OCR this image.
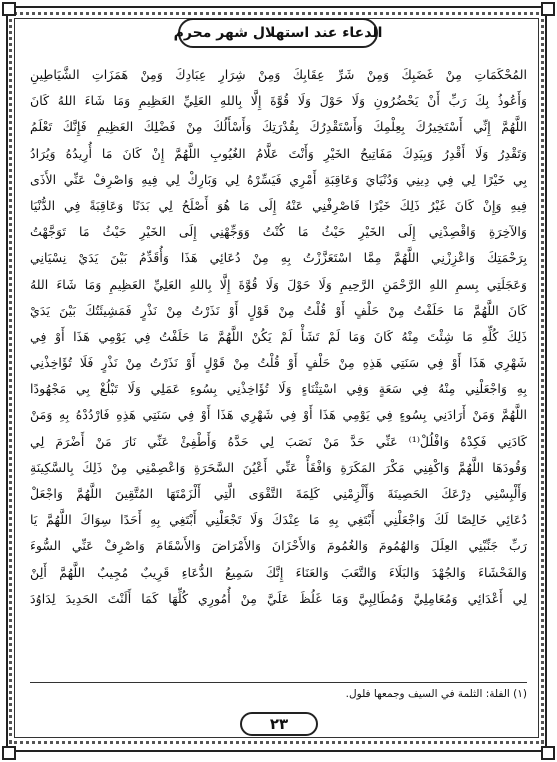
الدعاء عند استهلال شهر محرم
المُحْكَمَاتِ مِنْ غَضَبِكَ وَمِنْ شَرِّ عِقَابِكَ وَمِنْ شِرَارِ عِبَادِكَ وَمِنْ هَمَزَاتِ الشَّيَاطِينِ
وَأَعُوذُ بِكَ رَبِّ أَنْ يَحْضُرُونِ وَلَا حَوْلَ وَلَا قُوَّةَ إِلَّا بِاللهِ العَلِيِّ العَظِيمِ وَمَا شَاءَ اللهُ كَانَ
اللَّهُمَّ إِنِّي أَسْتَخِيرُكَ بِعِلْمِكَ وَأَسْتَقْدِرُكَ بِقُدْرَتِكَ وَأَسْأَلُكَ مِنْ فَضْلِكَ العَظِيمِ فَإِنَّكَ تَعْلَمُ
وَتَقْدِرُ وَلَا أَقْدِرُ وَبِيَدِكَ مَفَاتِيحُ الخَيْرِ وَأَنْتَ عَلَّامُ الغُيُوبِ اللَّهُمَّ إِنْ كَانَ مَا أُرِيدُهُ وَيُرَادُ
بِي خَيْرًا لِي فِي دِينِي وَدُنْيَايَ وَعَاقِبَةِ أَمْرِي فَيَسِّرْهُ لِي وَبَارِكْ لِي فِيهِ وَاصْرِفْ عَنِّي الأَذَى
فِيهِ وَإِنْ كَانَ غَيْرُ ذَلِكَ خَيْرًا فَاصْرِفْنِي عَنْهُ إِلَى مَا هُوَ أَصْلَحُ لِي بَدَنًا وَعَاقِبَةً فِي الدُّنْيَا
وَالآخِرَةِ وَاقْصِدْنِي إِلَى الخَيْرِ حَيْثُ مَا كُنْتُ وَوَجِّهْنِي إِلَى الخَيْرِ حَيْثُ مَا تَوَجَّهْتُ
بِرَحْمَتِكَ وَاعْزِزْنِي اللَّهُمَّ مِمَّا اسْتَعَزَّزْتُ بِهِ مِنْ دُعَائِي هَذَا وَأُقَدِّمُ بَيْنَ يَدَيْ نِسْيَانِي
وَعَجَلَتِي بِسمِ اللهِ الرَّحْمَنِ الرَّحِيمِ وَلَا حَوْلَ وَلَا قُوَّةَ إِلَّا بِاللهِ العَلِيِّ العَظِيمِ وَمَا شَاءَ اللهُ
كَانَ اللَّهُمَّ مَا حَلَفْتُ مِنْ حَلْفٍ أَوْ قُلْتُ مِنْ قَوْلٍ أَوْ نَذَرْتُ مِنْ نَذْرٍ فَمَشِيئَتُكَ بَيْنَ يَدَيْ
ذَلِكَ كُلِّهِ مَا شِئْتَ مِنْهُ كَانَ وَمَا لَمْ تَشَأْ لَمْ يَكُنْ اللَّهُمَّ مَا حَلَفْتُ فِي يَوْمِي هَذَا أَوْ فِي
شَهْرِي هَذَا أَوْ فِي سَنَتِي هَذِهِ مِنْ حَلْفٍ أَوْ قُلْتُ مِنْ قَوْلٍ أَوْ نَذَرْتُ مِنْ نَذْرٍ فَلَا تُؤَاخِذْنِي
بِهِ وَاجْعَلْنِي مِنْهُ فِي سَعَةٍ وَفِي اسْتِثْنَاءٍ وَلَا تُؤَاخِذْنِي بِسُوءِ عَمَلِي وَلَا تَبْلُغْ بِي مَجْهُودًا
اللَّهُمَّ وَمَنْ أَرَادَنِي بِسُوءٍ فِي يَوْمِي هَذَا أَوْ فِي شَهْرِي هَذَا أَوْ فِي سَنَتِي هَذِهِ فَارْدُدْهُ بِهِ وَمَنْ
كَادَنِي فَكِدْهُ وَافْلُلْ⁽¹⁾ عَنِّي حَدَّ مَنْ نَصَبَ لِي حَدَّهُ وَأَطْفِئْ عَنِّي نَارَ مَنْ أَضْرَمَ لِي
وَقُودَهَا اللَّهُمَّ وَاكْفِنِي مَكْرَ المَكَرَةِ وَافْقَأْ عَنِّي أَعْيُنَ السَّحَرَةِ وَاعْصِمْنِي مِنْ ذَلِكَ بِالسَّكِينَةِ
وَأَلْبِسْنِي دِرْعَكَ الحَصِينَةَ وَأَلْزِمْنِي كَلِمَةَ التَّقْوَى الَّتِي أَلْزَمْتَهَا المُتَّقِينَ اللَّهُمَّ وَاجْعَلْ
دُعَائِي خَالِصًا لَكَ وَاجْعَلْنِي أَبْتَغِي بِهِ مَا عِنْدَكَ وَلَا تَجْعَلْنِي أَبْتَغِي بِهِ أَحَدًا سِوَاكَ اللَّهُمَّ يَا
رَبِّ جَنِّبْنِي العِلَلَ وَالهُمُومَ وَالغُمُومَ وَالأَحْزَانَ وَالأَمْرَاضَ وَالأَسْقَامَ وَاصْرِفْ عَنِّي السُّوءَ
وَالفَحْشَاءَ وَالجُهْدَ وَالبَلَاءَ وَالتَّعَبَ وَالعَنَاءَ إِنَّكَ سَمِيعُ الدُّعَاءِ قَرِيبٌ مُجِيبٌ اللَّهُمَّ أَلِنْ
لِي أَعْدَائِي وَمُعَامِلِيَّ وَمُطَالِبِيَّ وَمَا غَلُظَ عَلَيَّ مِنْ أُمُورِي كُلِّهَا كَمَا أَلَنْتَ الحَدِيدَ لِدَاوُدَ
(١) الفلة: الثلمة في السيف وجمعها فلول.
٢٣
